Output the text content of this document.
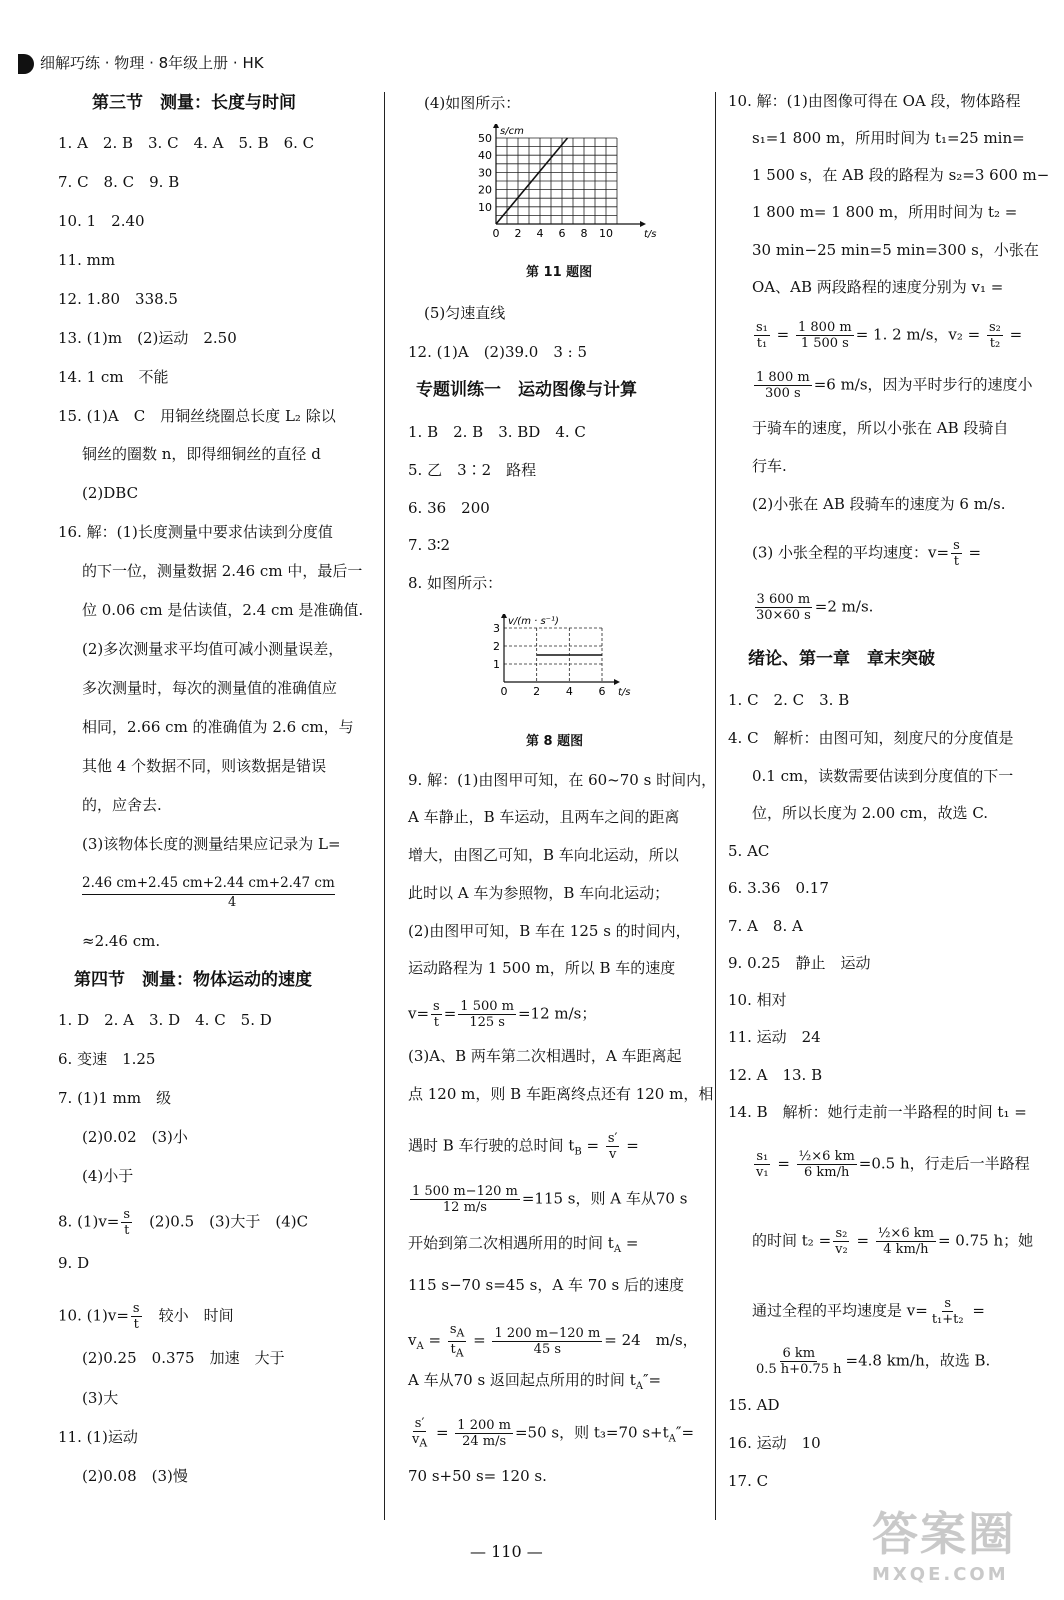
细解巧练 · 物理 · 8年级上册 · HK
第三节　测量：长度与时间
1. A　2. B　3. C　4. A　5. B　6. C
7. C　8. C　9. B
10. 1　2.40
11. mm
12. 1.80　338.5
13. (1)m　(2)运动　2.50
14. 1 cm　不能
15. (1)A　C　用铜丝绕圈总长度 L₂ 除以
铜丝的圈数 n，即得细铜丝的直径 d
(2)DBC
16. 解：(1)长度测量中要求估读到分度值
的下一位，测量数据 2.46 cm 中，最后一
位 0.06 cm 是估读值，2.4 cm 是准确值.
(2)多次测量求平均值可减小测量误差，
多次测量时，每次的测量值的准确值应
相同，2.66 cm 的准确值为 2.6 cm，与
其他 4 个数据不同，则该数据是错误
的，应舍去.
(3)该物体长度的测量结果应记录为 L=
2.46 cm+2.45 cm+2.44 cm+2.47 cm
4
≈2.46 cm.
第四节　测量：物体运动的速度
1. D　2. A　3. D　4. C　5. D
6. 变速　1.25
7. (1)1 mm　级
(2)0.02　(3)小
(4)小于
8. $(1)v= \frac{s}{t}$
　 (2)0.5　(3)大于　(4)C
9. D
10. $(1)v= \frac{s}{t}$
　 较小　时间
(2)0.25　0.375　加速　大于
(3)大
11. (1)运动
(2)0.08　(3)慢
(4)如图所示：
0 2 4 6 8 10
10
20
30
40
50
t/s
s/cm
第 11 题图
(5)匀速直线
12. (1)A　(2)39.0　3 : 5
专题训练一　运动图像与计算
1. B　2. B　3. BD　4. C
5. 乙　3∶2　路程
6. 36　200
7. 3∶2
8. 如图所示：
0 2 4 6
1
2
3
t/s
v/(m · s⁻¹)
第 8 题图
9. 解：(1)由图甲可知，在 60~70 s 时间内，
A 车静止，B 车运动，且两车之间的距离
增大，由图乙可知，B 车向北运动，所以
此时以 A 车为参照物，B 车向北运动；
(2)由图甲可知，B 车在 125 s 的时间内，
运动路程为 1 500 m，所以 B 车的速度
$v= \frac{s}{t} = \frac{1 500 m}{125 s} =12$ m/s；
(3)A、B 两车第二次相遇时，A 车距离起
点 120 m，则 B 车距离终点还有 120 m，相
遇时 B 车行驶的总时间 $t_B = \frac{s'}{v}$ =
$\frac{1 500 m-120 m}{12 m/s} =115$ s，则 A 车从70 s
开始到第二次相遇所用的时间 $t_A$ =
115 s−70 s=45 s，A 车 70 s 后的速度
$v_A = \frac{s_A}{t_A} = \frac{1 200 m-120 m}{45 s} = 24$　m/s，
A 车从70 s 返回起点所用的时间 $t_A''=$
$\frac{s'}{v_A} = \frac{1 200 m}{24 m/s} =50$ s，则 t₃=70 $s+t_A''=$
70 s+50 s= 120 s.
10. 解：(1)由图像可得在 OA 段，物体路程
s₁=1 800 m，所用时间为 t₁=25 min=
1 500 s，在 AB 段的路程为 s₂=3 600 m−
1 800 m= 1 800 m，所用时间为 t₂ =
30 min−25 min=5 min=300 s，小张在
OA、AB 两段路程的速度分别为 v₁ =
$\frac{\text{s₁}}{\text{t₁}} = \frac{1 800 m}{1 500 s} = 1$. 2 m/s，$v_2 = \frac{\text{s₂}}{\text{t₂}}$ =
$\frac{1 800 m}{300 s} =6$ m/s，因为平时步行的速度小
于骑车的速度，所以小张在 AB 段骑自
行车.
(2)小张在 AB 段骑车的速度为 6 m/s.
(3) 小张全程的平均速度：$v= \frac{s}{t}$ =
$\frac{3 600 m}{30\times 60 s} =2$ m/s.
绪论、第一章　章末突破
1. C　2. C　3. B
4. C　解析：由图可知，刻度尺的分度值是
0.1 cm，读数需要估读到分度值的下一
位，所以长度为 2.00 cm，故选 C.
5. AC
6. 3.36　0.17
7. A　8. A
9. 0.25　静止　运动
10. 相对
11. 运动　24
12. A　13. B
14. B　解析：她行走前一半路程的时间 t₁ =
$\frac{\text{s₁}}{\text{v₁}} = \frac{\text{½×6 km}}{6 km/h} =0.5$ h，行走后一半路程
的时间 $t_2 = \frac{\text{s₂}}{\text{v₂}} = \frac{\text{½×6 km}}{4 km/h} = 0.75$ h；她
通过全程的平均速度是 $v= \frac{s}{\text{t₁+t₂}}$ =
$\frac{6 km}{0.5 h+0.75 h} =4.8$ km/h，故选 B.
15. AD
16. 运动　10
17. C
— 110 —	答案圈
MXQE.COM
